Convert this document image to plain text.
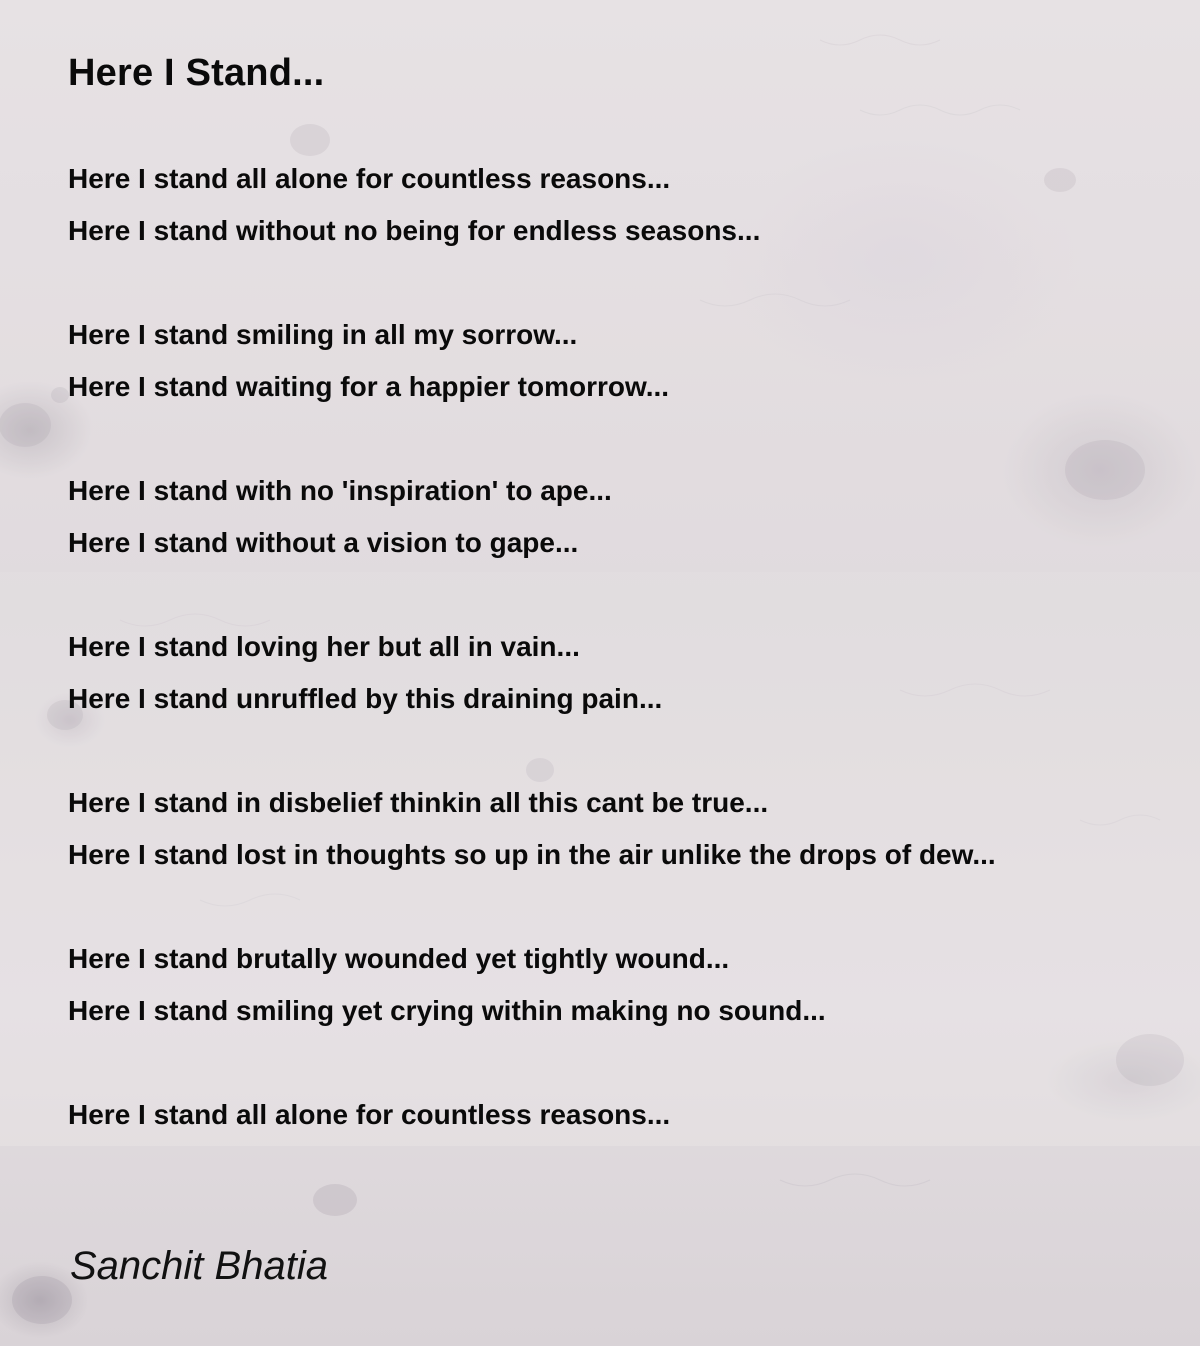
Here I Stand...
Here I stand all alone for countless reasons...
Here I stand without no being for endless seasons...
Here I stand smiling in all my sorrow...
Here I stand waiting for a happier tomorrow...
Here I stand with no 'inspiration' to ape...
Here I stand without a vision to gape...
Here I stand loving her but all in vain...
Here I stand unruffled by this draining pain...
Here I stand in disbelief thinkin all this cant be true...
Here I stand lost in thoughts so up in the air unlike the drops of dew...
Here I stand brutally wounded yet tightly wound...
Here I stand smiling yet crying within making no sound...
Here I stand all alone for countless reasons...
Sanchit Bhatia
